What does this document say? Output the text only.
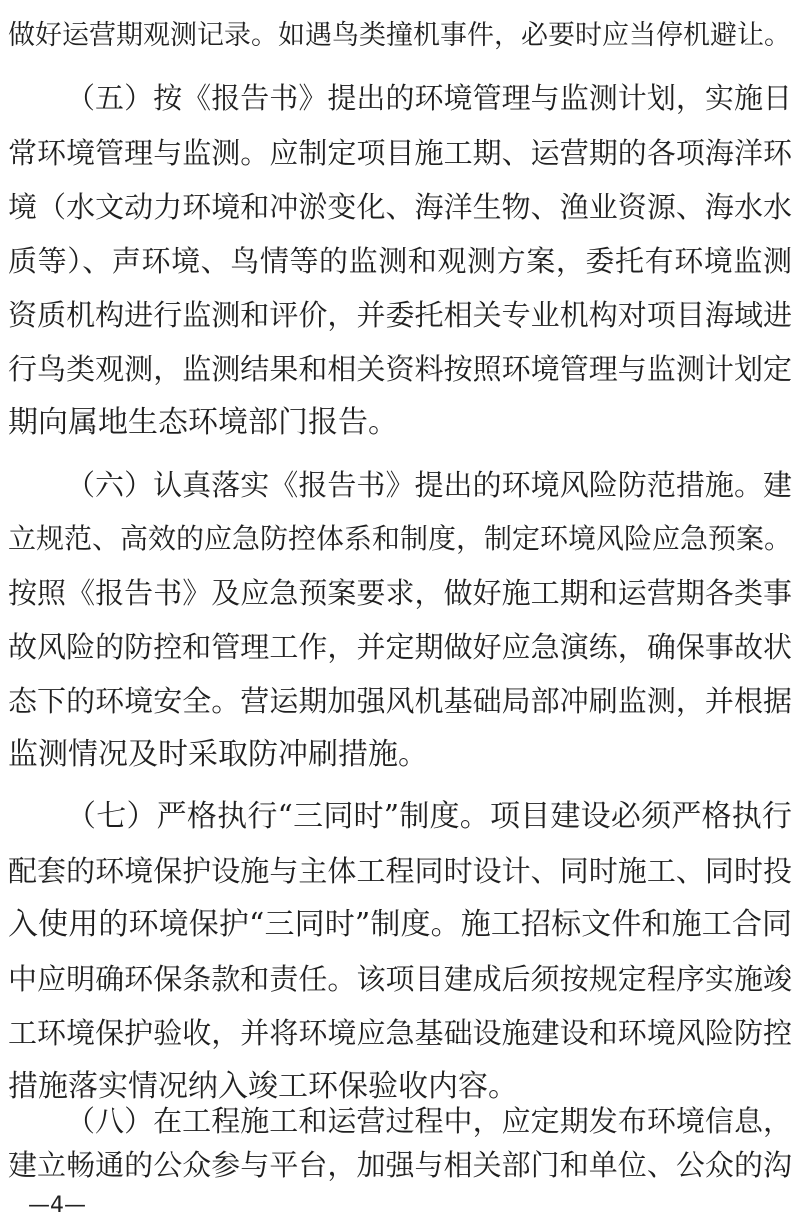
做好运营期观测记录。如遇鸟类撞机事件，必要时应当停机避让。
（五）按《报告书》提出的环境管理与监测计划，实施日
常环境管理与监测。应制定项目施工期、运营期的各项海洋环
境（水文动力环境和冲淤变化、海洋生物、渔业资源、海水水
质等）、声环境、鸟情等的监测和观测方案，委托有环境监测
资质机构进行监测和评价，并委托相关专业机构对项目海域进
行鸟类观测，监测结果和相关资料按照环境管理与监测计划定
期向属地生态环境部门报告。
（六）认真落实《报告书》提出的环境风险防范措施。建
立规范、高效的应急防控体系和制度，制定环境风险应急预案。
按照《报告书》及应急预案要求，做好施工期和运营期各类事
故风险的防控和管理工作，并定期做好应急演练，确保事故状
态下的环境安全。营运期加强风机基础局部冲刷监测，并根据
监测情况及时采取防冲刷措施。
（七）严格执行“三同时”制度。项目建设必须严格执行
配套的环境保护设施与主体工程同时设计、同时施工、同时投
入使用的环境保护“三同时”制度。施工招标文件和施工合同
中应明确环保条款和责任。该项目建成后须按规定程序实施竣
工环境保护验收，并将环境应急基础设施建设和环境风险防控
措施落实情况纳入竣工环保验收内容。
（八）在工程施工和运营过程中，应定期发布环境信息，
建立畅通的公众参与平台，加强与相关部门和单位、公众的沟
—4—
